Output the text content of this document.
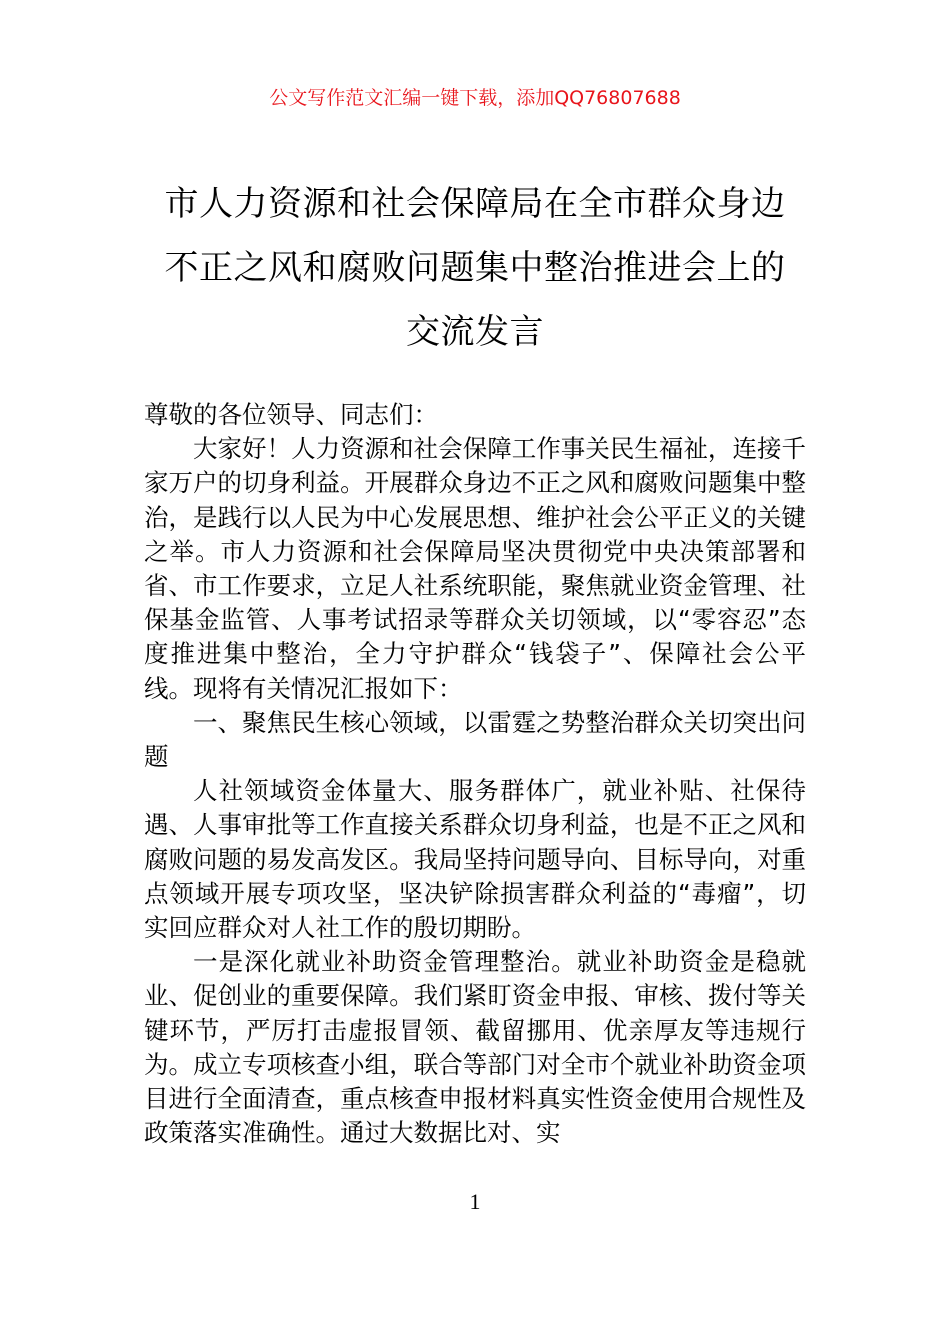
公文写作范文汇编一键下载，添加QQ76807688
市人力资源和社会保障局在全市群众身边
不正之风和腐败问题集中整治推进会上的
交流发言

尊敬的各位领导、同志们：

大家好！人力资源和社会保障工作事关民生福祉，连接千家万户的切身利益。开展群众身边不正之风和腐败问题集中整治，是践行以人民为中心发展思想、维护社会公平正义的关键之举。市人力资源和社会保障局坚决贯彻党中央决策部署和省、市工作要求，立足人社系统职能，聚焦就业资金管理、社保基金监管、人事考试招录等群众关切领域，以“零容忍”态度推进集中整治，全力守护群众“钱袋子”、保障社会公平线。现将有关情况汇报如下：

一、聚焦民生核心领域，以雷霆之势整治群众关切突出问题

人社领域资金体量大、服务群体广，就业补贴、社保待遇、人事审批等工作直接关系群众切身利益，也是不正之风和腐败问题的易发高发区。我局坚持问题导向、目标导向，对重点领域开展专项攻坚，坚决铲除损害群众利益的“毒瘤”，切实回应群众对人社工作的殷切期盼。

一是深化就业补助资金管理整治。就业补助资金是稳就业、促创业的重要保障。我们紧盯资金申报、审核、拨付等关键环节，严厉打击虚报冒领、截留挪用、优亲厚友等违规行为。成立专项核查小组，联合等部门对全市个就业补助资金项目进行全面清查，重点核查申报材料真实性资金使用合规性及政策落实准确性。通过大数据比对、实

1
